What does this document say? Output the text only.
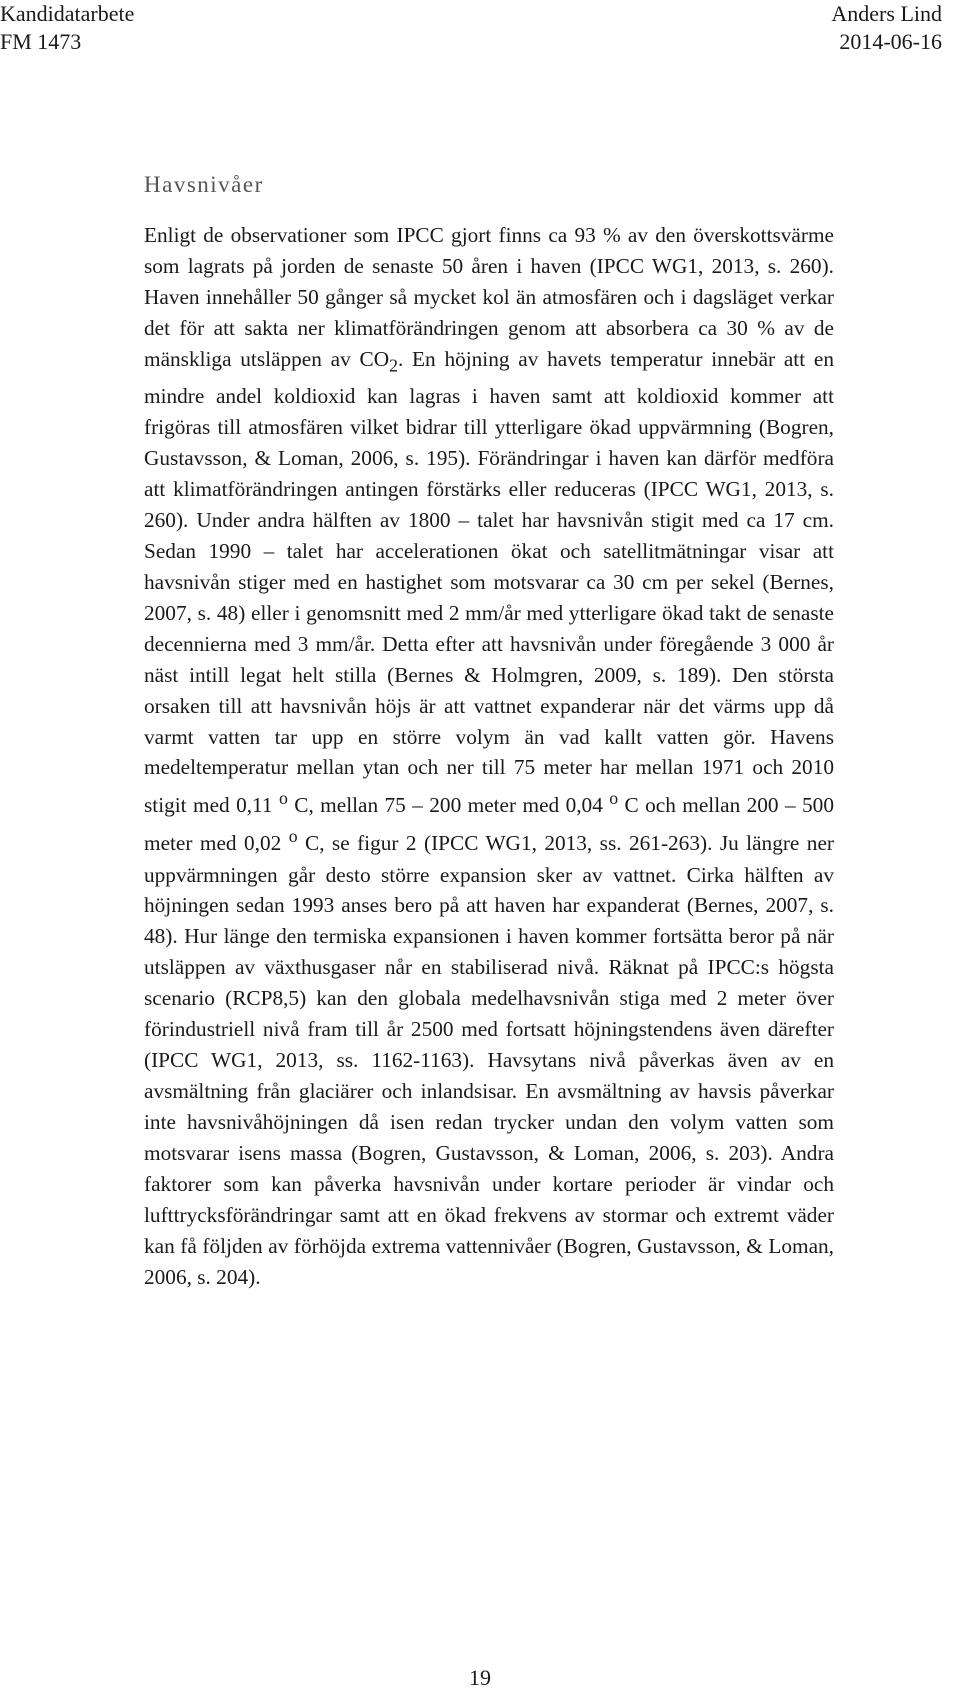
Kandidatarbete
FM 1473
Anders Lind
2014-06-16
Havsnivåer

Enligt de observationer som IPCC gjort finns ca 93 % av den överskottsvärme som lagrats på jorden de senaste 50 åren i haven (IPCC WG1, 2013, s. 260). Haven innehåller 50 gånger så mycket kol än atmosfären och i dagsläget verkar det för att sakta ner klimatförändringen genom att absorbera ca 30 % av de mänskliga utsläppen av $CO_2$. En höjning av havets temperatur innebär att en mindre andel koldioxid kan lagras i haven samt att koldioxid kommer att frigöras till atmosfären vilket bidrar till ytterligare ökad uppvärmning (Bogren, Gustavsson, & Loman, 2006, s. 195). Förändringar i haven kan därför medföra att klimatförändringen antingen förstärks eller reduceras (IPCC WG1, 2013, s. 260). Under andra hälften av 1800 – talet har havsnivån stigit med ca 17 cm. Sedan 1990 – talet har accelerationen ökat och satellitmätningar visar att havsnivån stiger med en hastighet som motsvarar ca 30 cm per sekel (Bernes, 2007, s. 48) eller i genomsnitt med 2 mm/år med ytterligare ökad takt de senaste decennierna med 3 mm/år. Detta efter att havsnivån under föregående 3 000 år näst intill legat helt stilla (Bernes & Holmgren, 2009, s. 189). Den största orsaken till att havsnivån höjs är att vattnet expanderar när det värms upp då varmt vatten tar upp en större volym än vad kallt vatten gör. Havens medeltemperatur mellan ytan och ner till 75 meter har mellan 1971 och 2010 stigit med 0,11 $^o$ C, mellan 75 – 200 meter med 0,04 $^o$ C och mellan 200 – 500 meter med 0,02 $^o$ C, se figur 2 (IPCC WG1, 2013, ss. 261-263). Ju längre ner uppvärmningen går desto större expansion sker av vattnet. Cirka hälften av höjningen sedan 1993 anses bero på att haven har expanderat (Bernes, 2007, s. 48). Hur länge den termiska expansionen i haven kommer fortsätta beror på när utsläppen av växthusgaser når en stabiliserad nivå. Räknat på IPCC:s högsta scenario (RCP8,5) kan den globala medelhavsnivån stiga med 2 meter över förindustriell nivå fram till år 2500 med fortsatt höjningstendens även därefter (IPCC WG1, 2013, ss. 1162-1163). Havsytans nivå påverkas även av en avsmältning från glaciärer och inlandsisar. En avsmältning av havsis påverkar inte havsnivåhöjningen då isen redan trycker undan den volym vatten som motsvarar isens massa (Bogren, Gustavsson, & Loman, 2006, s. 203). Andra faktorer som kan påverka havsnivån under kortare perioder är vindar och lufttrycksförändringar samt att en ökad frekvens av stormar och extremt väder kan få följden av förhöjda extrema vattennivåer (Bogren, Gustavsson, & Loman, 2006, s. 204).

19
